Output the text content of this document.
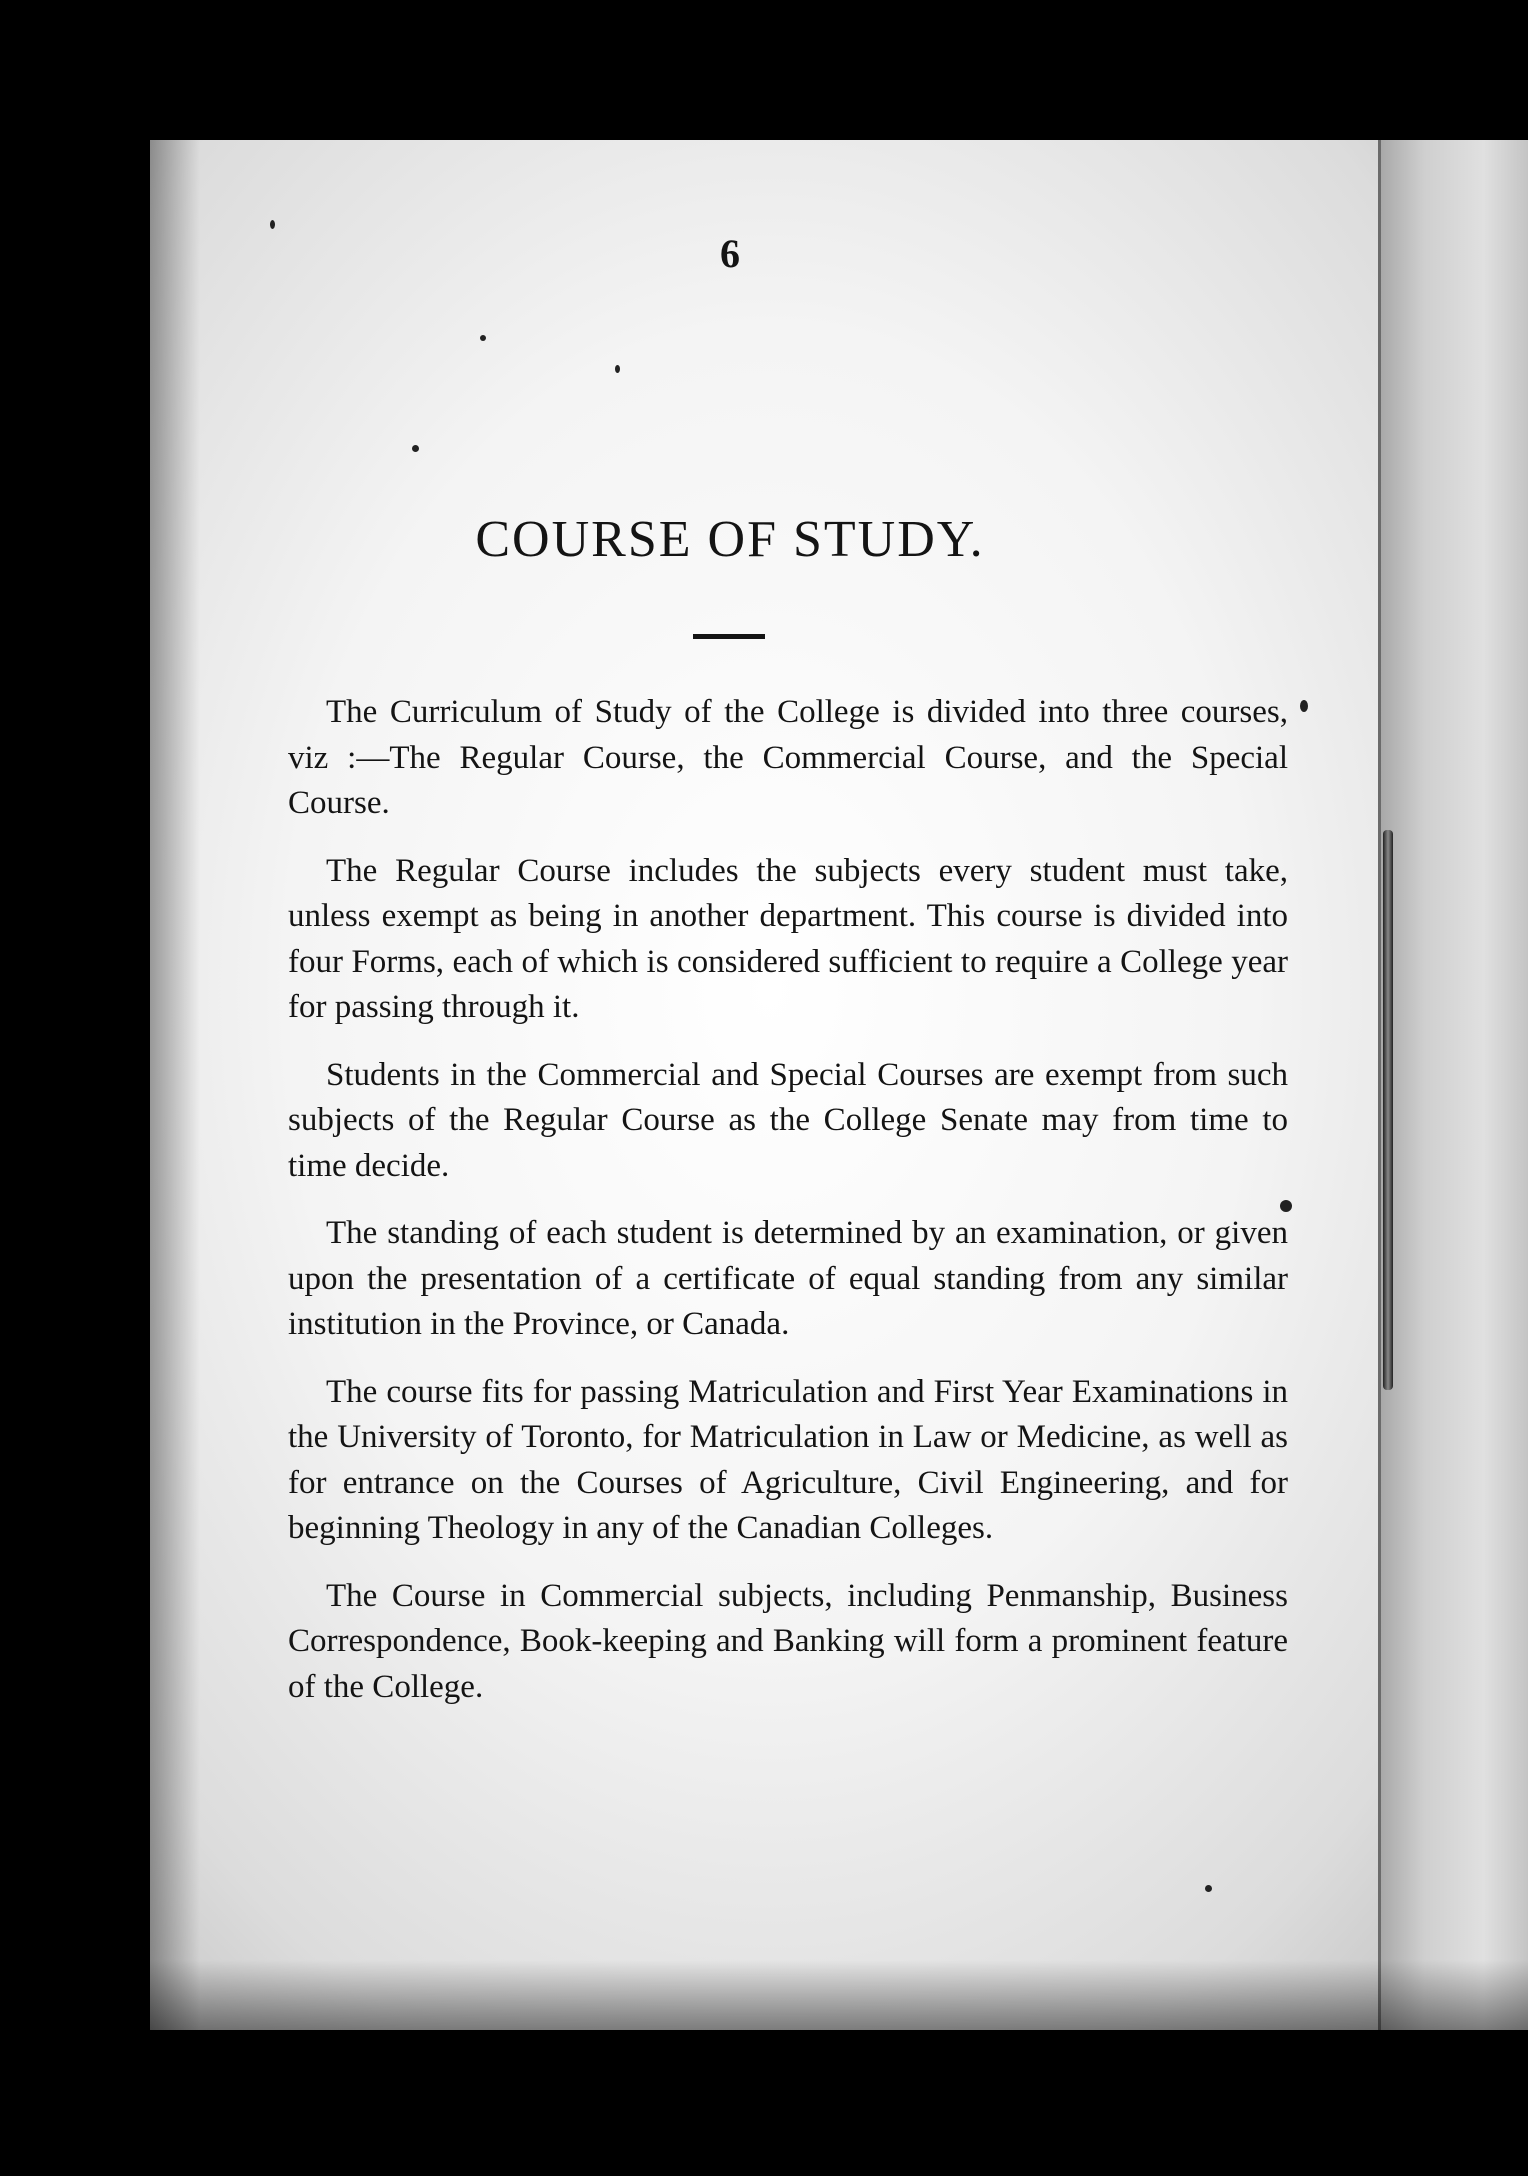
6
COURSE OF STUDY.

The Curriculum of Study of the College is divided into three courses, viz :—The Regular Course, the Commercial Course, and the Special Course.

The Regular Course includes the subjects every student must take, unless exempt as being in another department. This course is divided into four Forms, each of which is considered sufficient to require a College year for passing through it.

Students in the Commercial and Special Courses are exempt from such subjects of the Regular Course as the College Senate may from time to time decide.

The standing of each student is determined by an examination, or given upon the presentation of a certificate of equal standing from any similar institution in the Province, or Canada.

The course fits for passing Matriculation and First Year Examinations in the University of Toronto, for Matriculation in Law or Medicine, as well as for entrance on the Courses of Agriculture, Civil Engineering, and for beginning Theology in any of the Canadian Colleges.

The Course in Commercial subjects, including Penmanship, Business Correspondence, Book-keeping and Banking will form a prominent feature of the College.
